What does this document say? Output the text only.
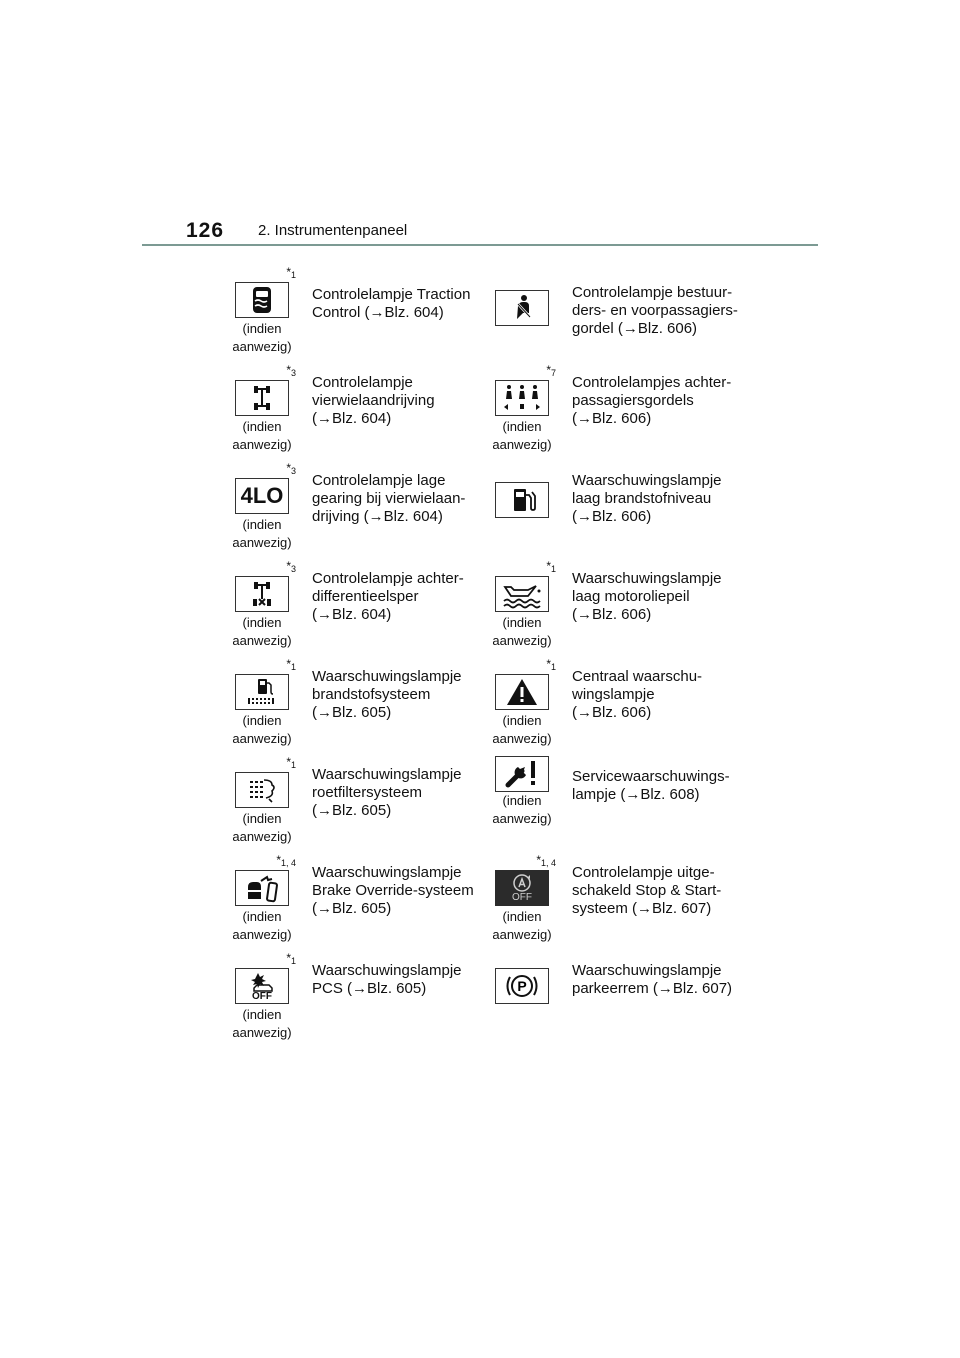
126 2. Instrumentenpaneel
$*_1$
(indien
aanwezig)
Controlelampje Traction
Control (→Blz. 604)
Controlelampje bestuur-
ders- en voorpassagiers-
gordel (→Blz. 606)
$*_3$
(indien
aanwezig)
Controlelampje
vierwielaandrijving
(→Blz. 604)
$*_7$
(indien
aanwezig)
Controlelampjes achter-
passagiersgordels
(→Blz. 606)
$*_3$
4LO
(indien
aanwezig)
Controlelampje lage
gearing bij vierwielaan-
drijving (→Blz. 604)
Waarschuwingslampje
laag brandstofniveau
(→Blz. 606)
$*_3$
(indien
aanwezig)
Controlelampje achter-
differentieelsper
(→Blz. 604)
$*_1$
(indien
aanwezig)
Waarschuwingslampje
laag motoroliepeil
(→Blz. 606)
$*_1$
(indien
aanwezig)
Waarschuwingslampje
brandstofsysteem
(→Blz. 605)
$*_1$
(indien
aanwezig)
Centraal waarschu-
wingslampje
(→Blz. 606)
$*_1$
(indien
aanwezig)
Waarschuwingslampje
roetfiltersysteem
(→Blz. 605)
(indien
aanwezig)
Servicewaarschuwings-
lampje (→Blz. 608)
$*_{1, 4}$
(indien
aanwezig)
Waarschuwingslampje
Brake Override-systeem
(→Blz. 605)
$*_{1, 4}$
OFF
(indien
aanwezig)
Controlelampje uitge-
schakeld Stop & Start-
systeem (→Blz. 607)
$*_1$
OFF
(indien
aanwezig)
Waarschuwingslampje
PCS (→Blz. 605)	P
Waarschuwingslampje
parkeerrem (→Blz. 607)
